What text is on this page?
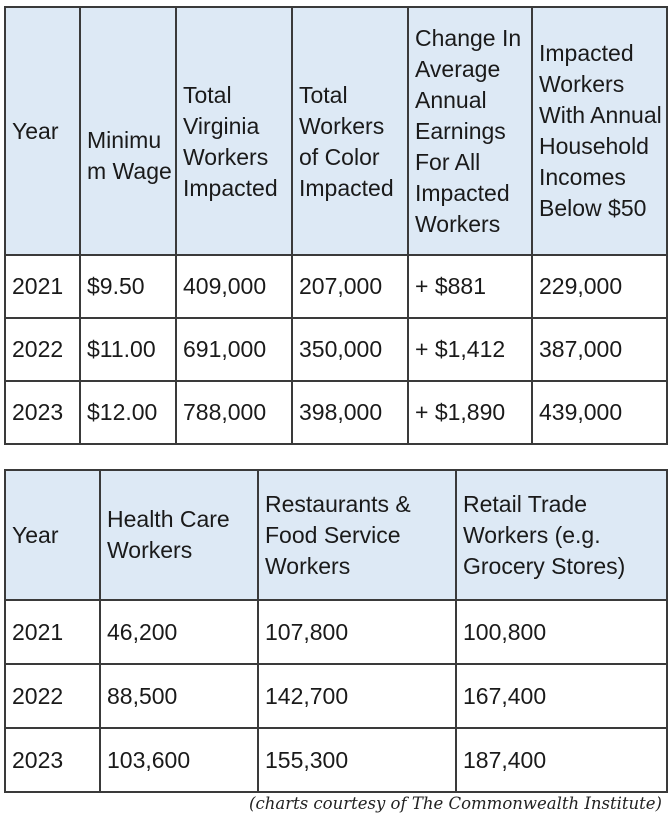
Year	Minimu m Wage	Total Virginia Workers Impacted	Total Workers of Color Impacted	Change In Average Annual Earnings For All Impacted Workers	Impacted Workers With Annual Household Incomes Below $50
2021	$9.50	409,000	207,000	+ $881	229,000
2022	$11.00	691,000	350,000	+ $1,412	387,000
2023	$12.00	788,000	398,000	+ $1,890	439,000
Year	Health Care Workers	Restaurants & Food Service Workers	Retail Trade Workers (e.g. Grocery Stores)
2021	46,200	107,800	100,800
2022	88,500	142,700	167,400
2023	103,600	155,300	187,400
(charts courtesy of The Commonwealth Institute)
